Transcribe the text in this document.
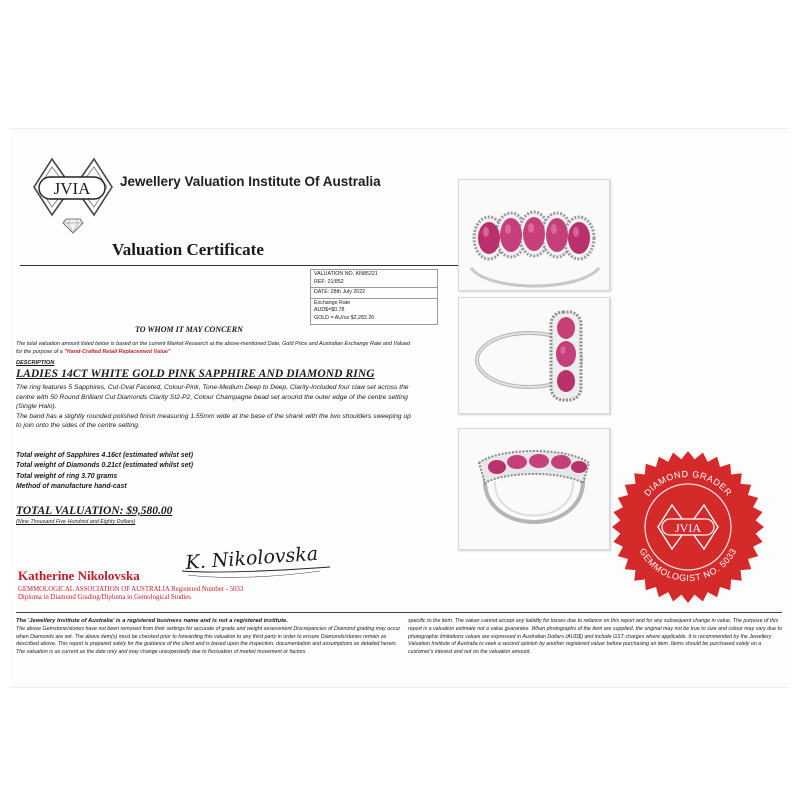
JVIA Jewellery Valuation Institute Of Australia
Valuation Certificate
VALUATION NO. KN85221
REF: 21/852
DATE: 28th July 2022
Exchange Rate
AUD$=$0.78
GOLD = AU/oz $2,282.26
TO WHOM IT MAY CONCERN
The total valuation amount listed below is based on the current Market Research at the above-mentioned Date, Gold Price and Australian Exchange Rate and Valued for the purpose of a "Hand-Crafted Retail Replacement Value"
DESCRIPTION
LADIES 14CT WHITE GOLD PINK SAPPHIRE AND DIAMOND RING
The ring features 5 Sapphires, Cut-Oval Faceted, Colour-Pink, Tone-Medium Deep to Deep, Clarity-Included four claw set across the centre with 50 Round Brilliant Cut Diamonds Clarity SI2-P2, Colour Champagne bead set around the outer edge of the centre setting (Single Halo).
The band has a slightly rounded polished finish measuring 1.55mm wide at the base of the shank with the two shoulders sweeping up to join onto the sides of the centre setting.
Total weight of Sapphires 4.16ct (estimated whilst set)
Total weight of Diamonds 0.21ct (estimated whilst set)
Total weight of ring 3.70 grams
Method of manufacture hand-cast
TOTAL VALUATION: $9,580.00
(Nine Thousand Five Hundred and Eighty Dollars)
Katherine Nikolovska
K. Nikolovska
GEMMOLOGICAL ASSOCIATION OF AUSTRALIA Registered Number - 5033
Diploma in Diamond Grading/Diploma in Gemological Studies
The 'Jewellery Institute of Australia' is a registered business name and is not a registered institute.
The above Gemstone/stones have not been removed from their settings for accurate of grade and weight assessment Discrepancies of Diamond grading may occur when Diamonds are set. The above item(s) must be checked prior to forwarding this valuation to any third party in order to ensure Diamonds/stones remain as described above. This report is prepared solely for the guidance of the client and is based upon the inspection, documentation and assumptions as detailed herein. The valuation is as current as the date only and may change unexpectedly due to fluctuation of market movement or factors
specific to the item. The valuer cannot accept any liability for losses due to reliance on this report and for any subsequent change in value. The purpose of this report is a valuation estimate not a value guarantee. When photographs of the item are supplied, the original may not be true to size and colour may vary due to photographic limitations values are expressed in Australian Dollars (AUD$) and include GST charges where applicable. It is recommended by the Jewellery Valuation Institute of Australia to seek a second opinion by another registered valuer before purchasing an item. Items should be purchased solely on a customer's interest and not on the valuation amount.
DIAMOND GRADER
GEMMOLOGIST NO. 5033
JVIA
